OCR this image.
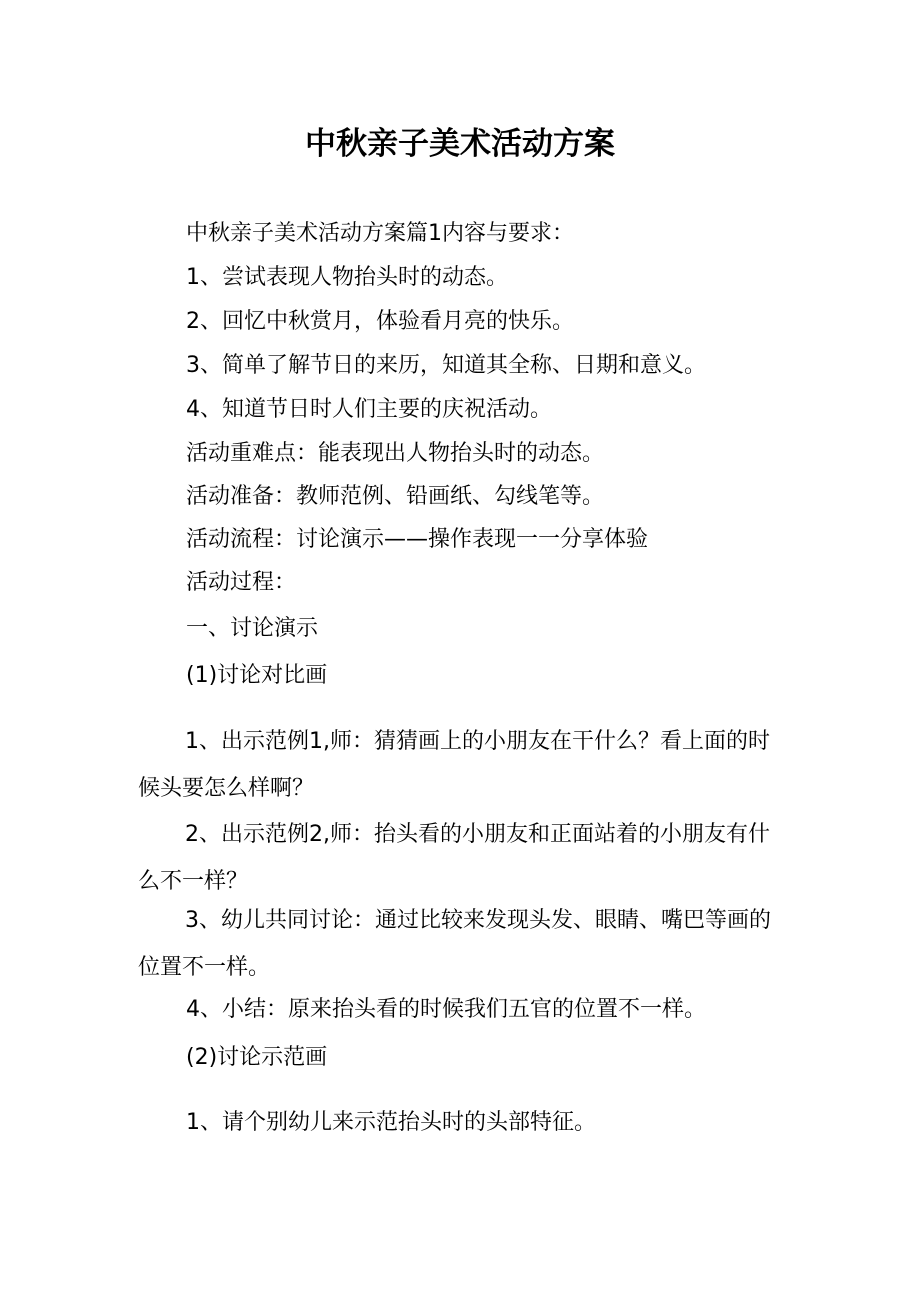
中秋亲子美术活动方案
中秋亲子美术活动方案篇1内容与要求：
1、尝试表现人物抬头时的动态。
2、回忆中秋赏月，体验看月亮的快乐。
3、简单了解节日的来历，知道其全称、日期和意义。
4、知道节日时人们主要的庆祝活动。
活动重难点：能表现出人物抬头时的动态。
活动准备：教师范例、铅画纸、勾线笔等。
活动流程：讨论演示——操作表现一一分享体验
活动过程：
一、讨论演示
(1)讨论对比画

1、出示范例1,师：猜猜画上的小朋友在干什么？看上面的时候头要怎么样啊？

2、出示范例2,师：抬头看的小朋友和正面站着的小朋友有什么不一样？

3、幼儿共同讨论：通过比较来发现头发、眼睛、嘴巴等画的位置不一样。

4、小结：原来抬头看的时候我们五官的位置不一样。
(2)讨论示范画
1、请个别幼儿来示范抬头时的头部特征。
